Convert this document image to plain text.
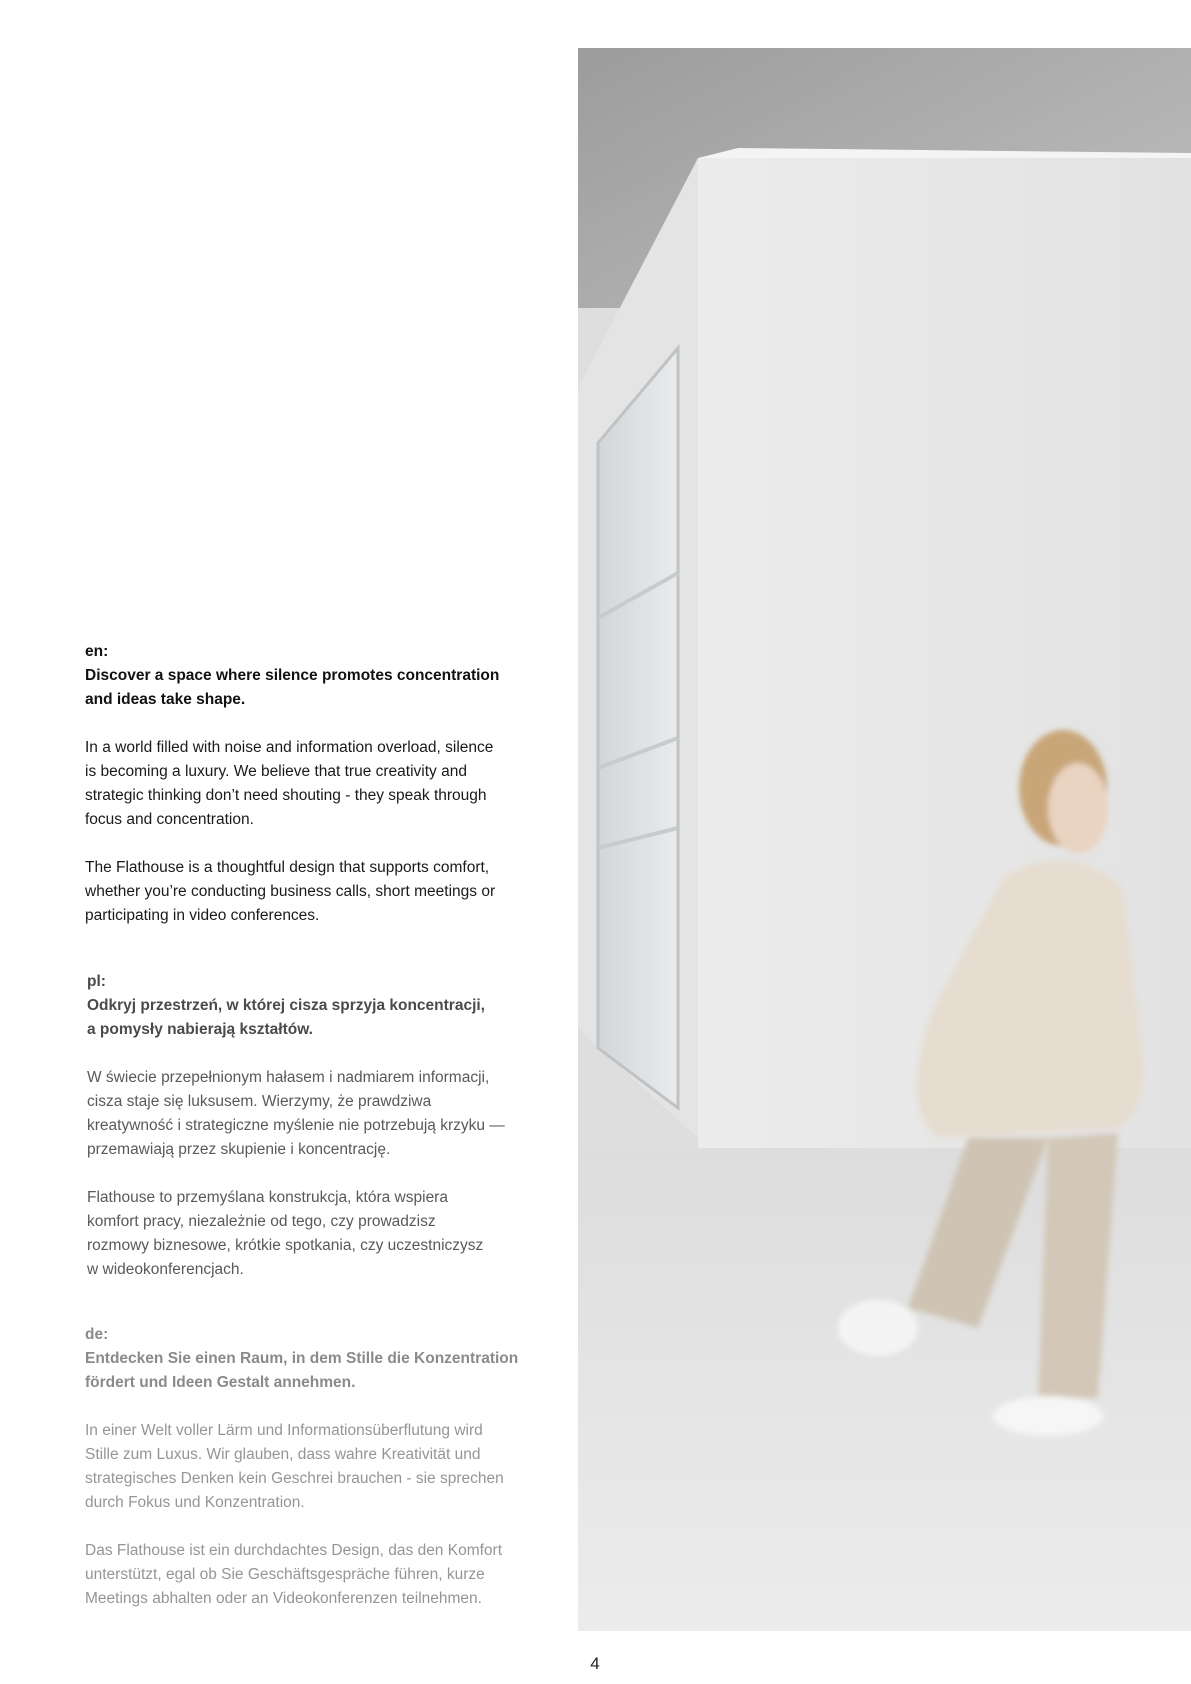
en:

Discover a space where silence promotes concentration
and ideas take shape.

In a world filled with noise and information overload, silence
is becoming a luxury. We believe that true creativity and
strategic thinking don’t need shouting - they speak through
focus and concentration.

The Flathouse is a thoughtful design that supports comfort,
whether you’re conducting business calls, short meetings or
participating in video conferences.

pl:

Odkryj przestrzeń, w której cisza sprzyja koncentracji,
a pomysły nabierają kształtów.

W świecie przepełnionym hałasem i nadmiarem informacji,
cisza staje się luksusem. Wierzymy, że prawdziwa
kreatywność i strategiczne myślenie nie potrzebują krzyku —
przemawiają przez skupienie i koncentrację.

Flathouse to przemyślana konstrukcja, która wspiera
komfort pracy, niezależnie od tego, czy prowadzisz
rozmowy biznesowe, krótkie spotkania, czy uczestniczysz
w wideokonferencjach.

de:

Entdecken Sie einen Raum, in dem Stille die Konzentration
fördert und Ideen Gestalt annehmen.

In einer Welt voller Lärm und Informationsüberflutung wird
Stille zum Luxus. Wir glauben, dass wahre Kreativität und
strategisches Denken kein Geschrei brauchen - sie sprechen
durch Fokus und Konzentration.

Das Flathouse ist ein durchdachtes Design, das den Komfort
unterstützt, egal ob Sie Geschäftsgespräche führen, kurze
Meetings abhalten oder an Videokonferenzen teilnehmen.

4
